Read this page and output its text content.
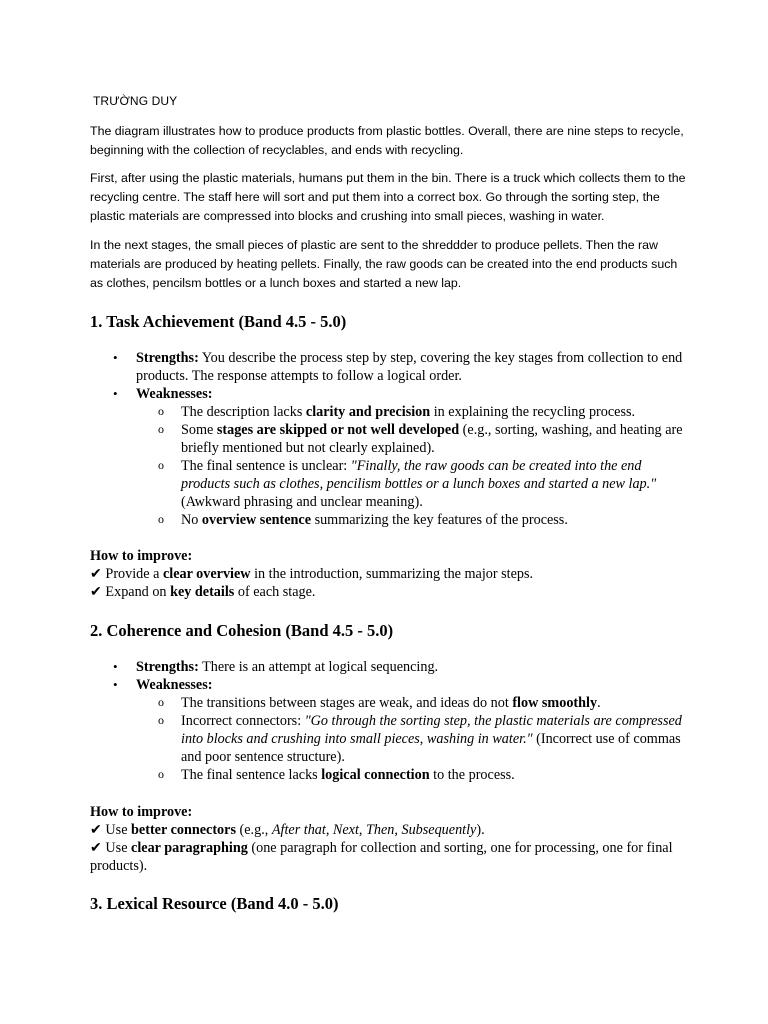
TRƯỜNG DUY
The diagram illustrates how to produce products from plastic bottles. Overall, there are nine steps to recycle, beginning with the collection of recyclables, and ends with recycling.
First, after using the plastic materials, humans put them in the bin. There is a truck which collects them to the recycling centre. The staff here will sort and put them into a correct box. Go through the sorting step, the plastic materials are compressed into blocks and crushing into small pieces, washing in water.
In the next stages, the small pieces of plastic are sent to the shreddder to produce pellets. Then the raw materials are produced by heating pellets. Finally, the raw goods can be created into the end products such as clothes, pencilsm bottles or a lunch boxes and started a new lap.
1. Task Achievement (Band 4.5 - 5.0)
• Strengths: You describe the process step by step, covering the key stages from collection to end products. The response attempts to follow a logical order.
• Weaknesses:
o The description lacks clarity and precision in explaining the recycling process.
o Some stages are skipped or not well developed (e.g., sorting, washing, and heating are briefly mentioned but not clearly explained).
o The final sentence is unclear: "Finally, the raw goods can be created into the end products such as clothes, pencilism bottles or a lunch boxes and started a new lap." (Awkward phrasing and unclear meaning).
o No overview sentence summarizing the key features of the process.
How to improve:
✔ Provide a clear overview in the introduction, summarizing the major steps.
✔ Expand on key details of each stage.
2. Coherence and Cohesion (Band 4.5 - 5.0)
• Strengths: There is an attempt at logical sequencing.
• Weaknesses:
o The transitions between stages are weak, and ideas do not flow smoothly.
o Incorrect connectors: "Go through the sorting step, the plastic materials are compressed into blocks and crushing into small pieces, washing in water." (Incorrect use of commas and poor sentence structure).
o The final sentence lacks logical connection to the process.
How to improve:
✔ Use better connectors (e.g., After that, Next, Then, Subsequently).
✔ Use clear paragraphing (one paragraph for collection and sorting, one for processing, one for final products).
3. Lexical Resource (Band 4.0 - 5.0)
